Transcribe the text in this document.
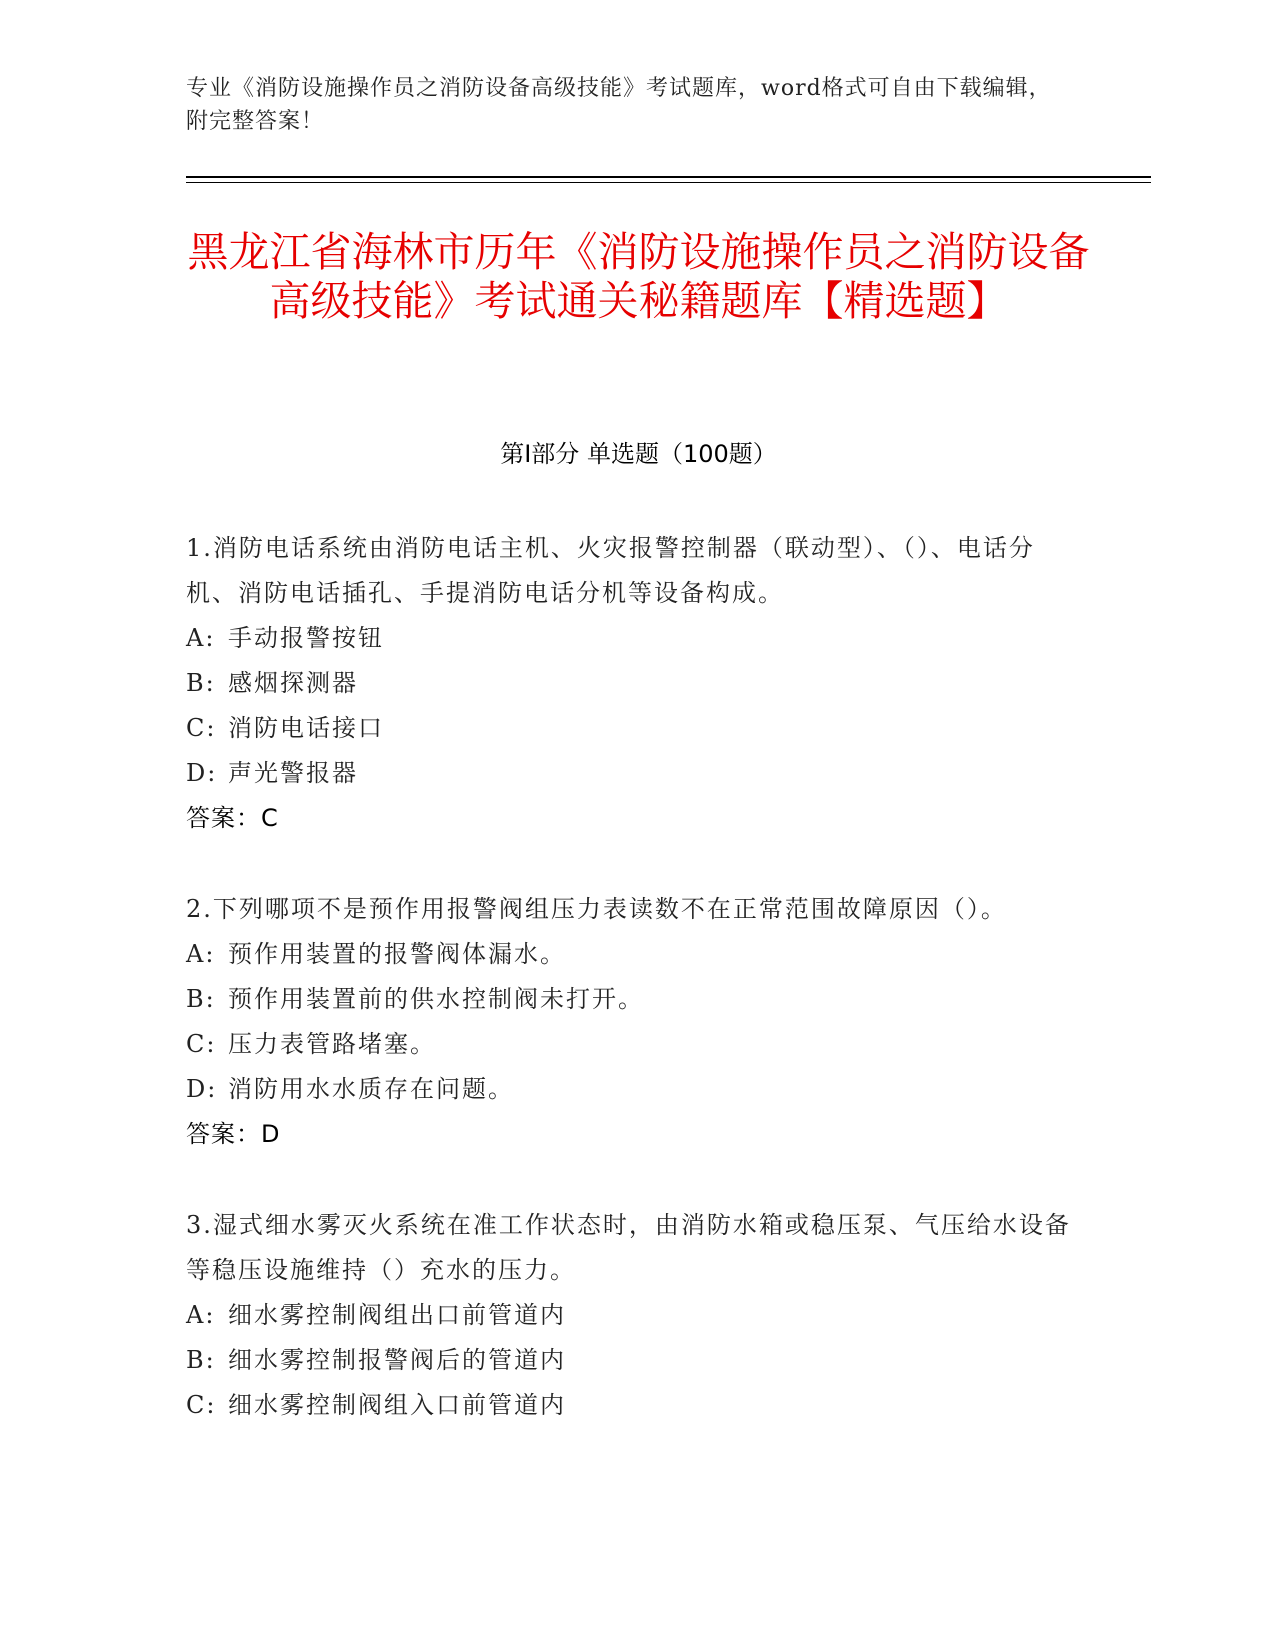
专业《消防设施操作员之消防设备高级技能》考试题库，word格式可自由下载编辑，附完整答案！
黑龙江省海林市历年《消防设施操作员之消防设备高级技能》考试通关秘籍题库【精选题】
第I部分 单选题（100题）

1.消防电话系统由消防电话主机、火灾报警控制器（联动型）、（）、电话分机、消防电话插孔、手提消防电话分机等设备构成。

A: 手动报警按钮
B: 感烟探测器
C: 消防电话接口
D: 声光警报器

答案：C

2.下列哪项不是预作用报警阀组压力表读数不在正常范围故障原因（）。

A: 预作用装置的报警阀体漏水。
B: 预作用装置前的供水控制阀未打开。
C: 压力表管路堵塞。
D: 消防用水水质存在问题。

答案：D

3.湿式细水雾灭火系统在准工作状态时，由消防水箱或稳压泵、气压给水设备等稳压设施维持（）充水的压力。

A: 细水雾控制阀组出口前管道内
B: 细水雾控制报警阀后的管道内
C: 细水雾控制阀组入口前管道内
